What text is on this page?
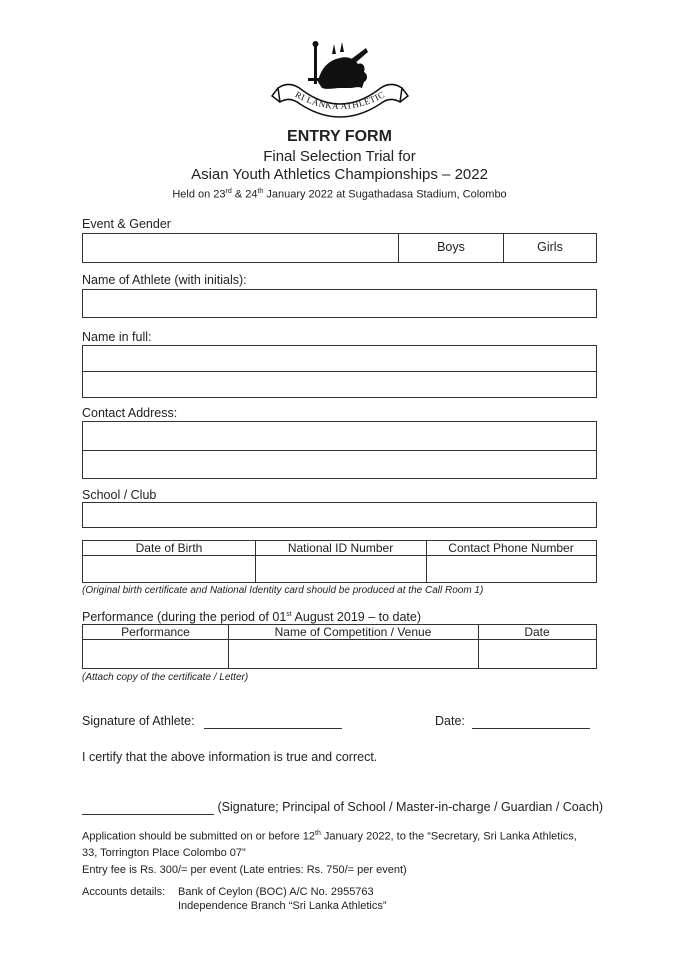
RI LANKA ATHLETIC
ENTRY FORM
Final Selection Trial for
Asian Youth Athletics Championships – 2022
Held on 23rd & 24th January 2022 at Sugathadasa Stadium, Colombo
Event & Gender
Boys	Girls
Name of Athlete (with initials):
Name in full:
Contact Address:
School / Club
Date of Birth	National ID Number	Contact Phone Number
(Original birth certificate and National Identity card should be produced at the Call Room 1)
Performance (during the period of 01st August 2019 – to date)
Performance	Name of Competition / Venue	Date
(Attach copy of the certificate / Letter)
Signature of Athlete:	Date:
I certify that the above information is true and correct.
(Signature; Principal of School / Master-in-charge / Guardian / Coach)
Application should be submitted on or before 12th January 2022, to the “Secretary, Sri Lanka Athletics,
33, Torrington Place Colombo 07”
Entry fee is Rs. 300/= per event (Late entries: Rs. 750/= per event)
Accounts details: Bank of Ceylon (BOC) A/C No. 2955763
Independence Branch “Sri Lanka Athletics”
